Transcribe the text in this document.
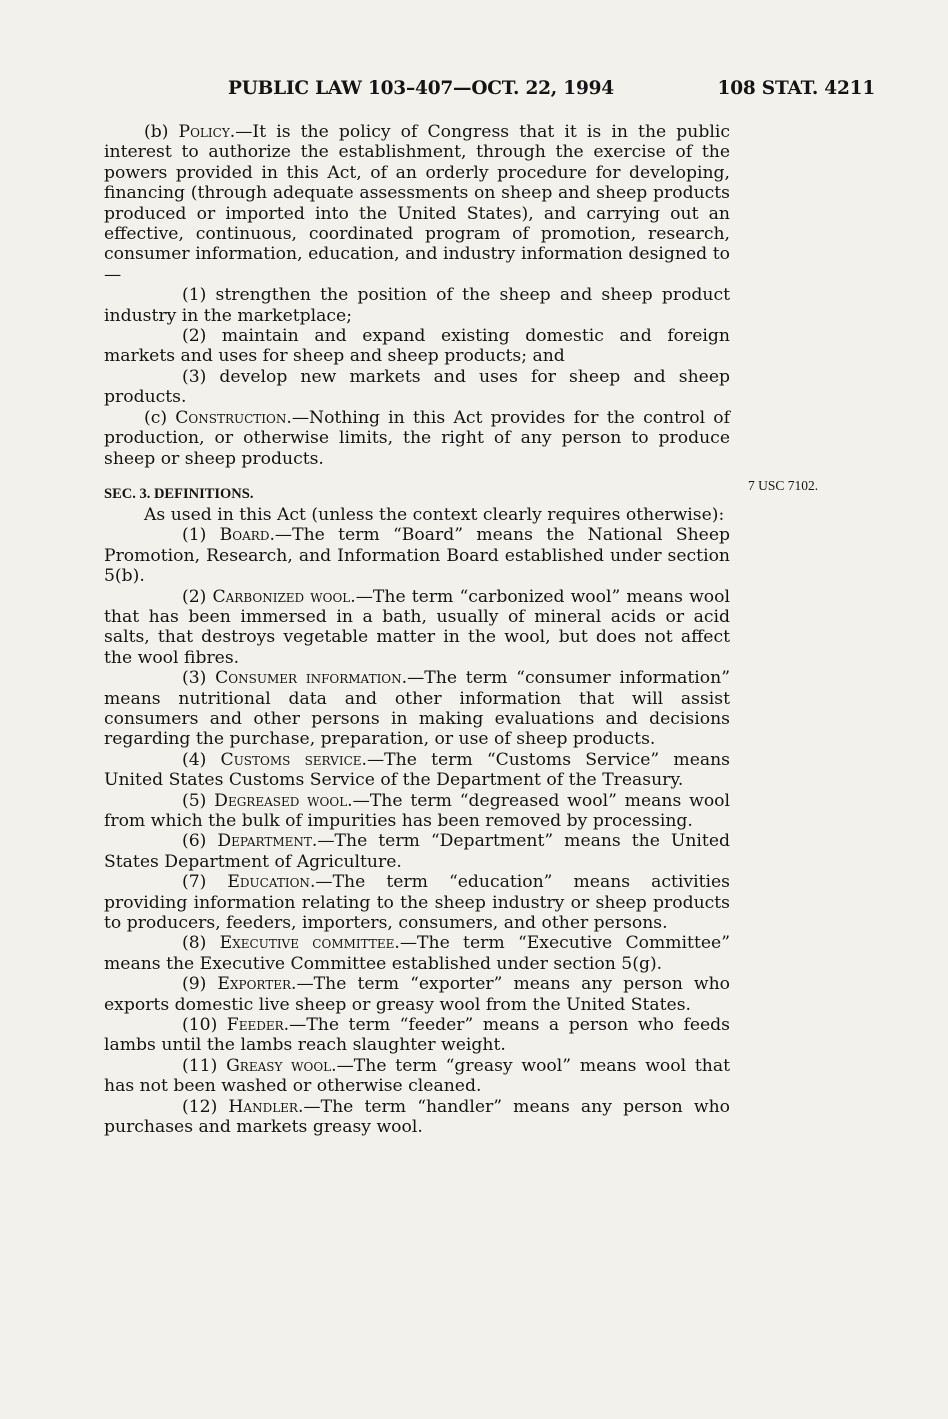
PUBLIC LAW 103–407—OCT. 22, 1994	108 STAT. 4211
7 USC 7102.

(b) Policy.—It is the policy of Congress that it is in the public interest to authorize the establishment, through the exercise of the powers provided in this Act, of an orderly procedure for developing, financing (through adequate assessments on sheep and sheep products produced or imported into the United States), and carrying out an effective, continuous, coordinated program of promotion, research, consumer information, education, and industry information designed to—

(1) strengthen the position of the sheep and sheep product industry in the marketplace;

(2) maintain and expand existing domestic and foreign markets and uses for sheep and sheep products; and

(3) develop new markets and uses for sheep and sheep products.

(c) Construction.—Nothing in this Act provides for the control of production, or otherwise limits, the right of any person to produce sheep or sheep products.

SEC. 3. DEFINITIONS.

As used in this Act (unless the context clearly requires otherwise):

(1) Board.—The term “Board” means the National Sheep Promotion, Research, and Information Board established under section 5(b).

(2) Carbonized wool.—The term “carbonized wool” means wool that has been immersed in a bath, usually of mineral acids or acid salts, that destroys vegetable matter in the wool, but does not affect the wool fibres.

(3) Consumer information.—The term “consumer information” means nutritional data and other information that will assist consumers and other persons in making evaluations and decisions regarding the purchase, preparation, or use of sheep products.

(4) Customs service.—The term “Customs Service” means United States Customs Service of the Department of the Treasury.

(5) Degreased wool.—The term “degreased wool” means wool from which the bulk of impurities has been removed by processing.

(6) Department.—The term “Department” means the United States Department of Agriculture.

(7) Education.—The term “education” means activities providing information relating to the sheep industry or sheep products to producers, feeders, importers, consumers, and other persons.

(8) Executive committee.—The term “Executive Committee” means the Executive Committee established under section 5(g).

(9) Exporter.—The term “exporter” means any person who exports domestic live sheep or greasy wool from the United States.

(10) Feeder.—The term “feeder” means a person who feeds lambs until the lambs reach slaughter weight.

(11) Greasy wool.—The term “greasy wool” means wool that has not been washed or otherwise cleaned.

(12) Handler.—The term “handler” means any person who purchases and markets greasy wool.
